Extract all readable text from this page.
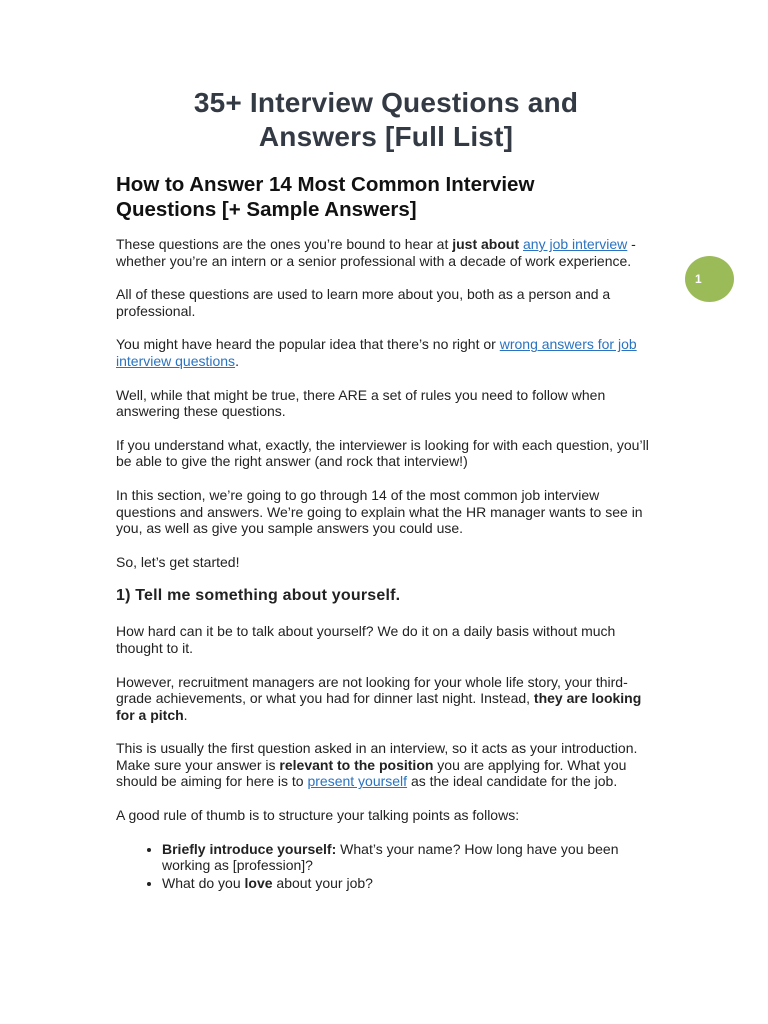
35+ Interview Questions and
Answers [Full List]
How to Answer 14 Most Common Interview
Questions [+ Sample Answers]

These questions are the ones you’re bound to hear at just about any job interview - whether you’re an intern or a senior professional with a decade of work experience.

All of these questions are used to learn more about you, both as a person and a professional.

You might have heard the popular idea that there’s no right or wrong answers for job interview questions.

Well, while that might be true, there ARE a set of rules you need to follow when answering these questions.

If you understand what, exactly, the interviewer is looking for with each question, you’ll be able to give the right answer (and rock that interview!)

In this section, we’re going to go through 14 of the most common job interview questions and answers. We’re going to explain what the HR manager wants to see in you, as well as give you sample answers you could use.

So, let’s get started!

1) Tell me something about yourself.

How hard can it be to talk about yourself? We do it on a daily basis without much thought to it.

However, recruitment managers are not looking for your whole life story, your third-grade achievements, or what you had for dinner last night. Instead, they are looking for a pitch.

This is usually the first question asked in an interview, so it acts as your introduction. Make sure your answer is relevant to the position you are applying for. What you should be aiming for here is to present yourself as the ideal candidate for the job.

A good rule of thumb is to structure your talking points as follows:

• Briefly introduce yourself: What’s your name? How long have you been working as [profession]?
• What do you love about your job?
1
